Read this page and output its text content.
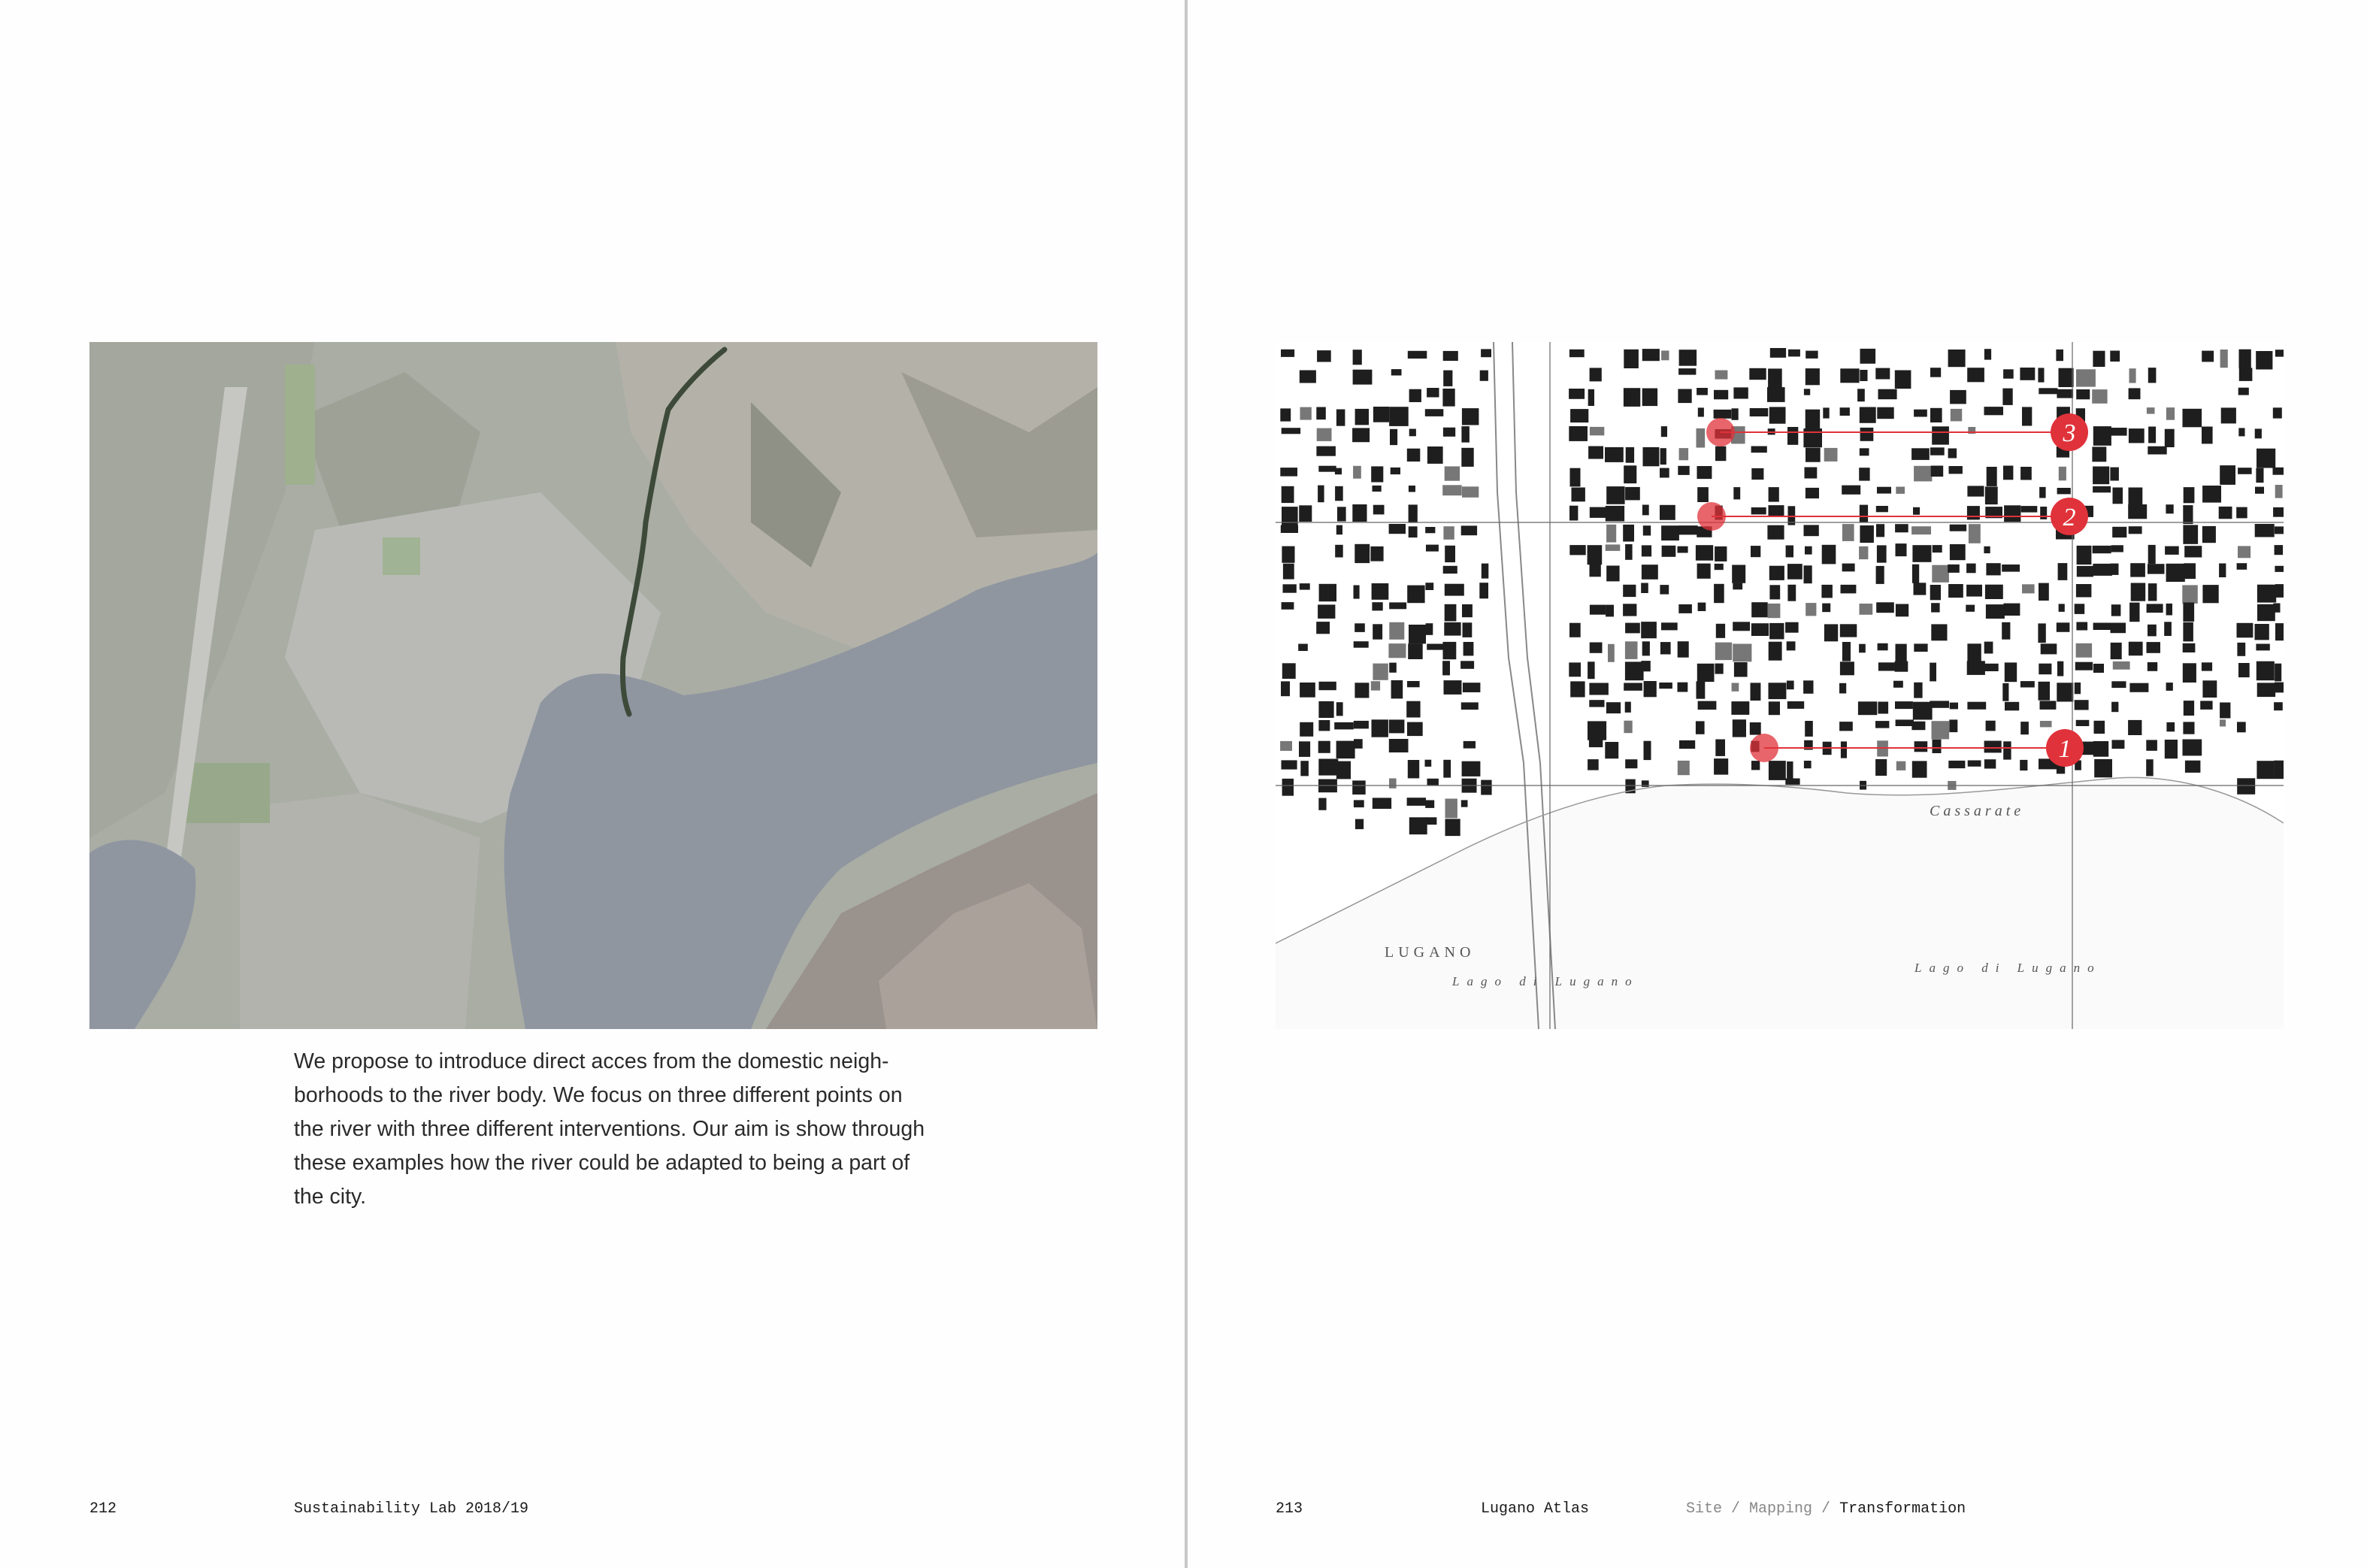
We propose to introduce direct acces from the domestic neigh-
borhoods to the river body. We focus on three different points on
the river with three different interventions. Our aim is show through
these examples how the river could be adapted to being a part of
the city.
212	Sustainability Lab 2018/19
3
2
1
LUGANO
Cassarate
Lago di Lugano
Lago di Lugano
213	Lugano Atlas	Site / Mapping / Transformation
